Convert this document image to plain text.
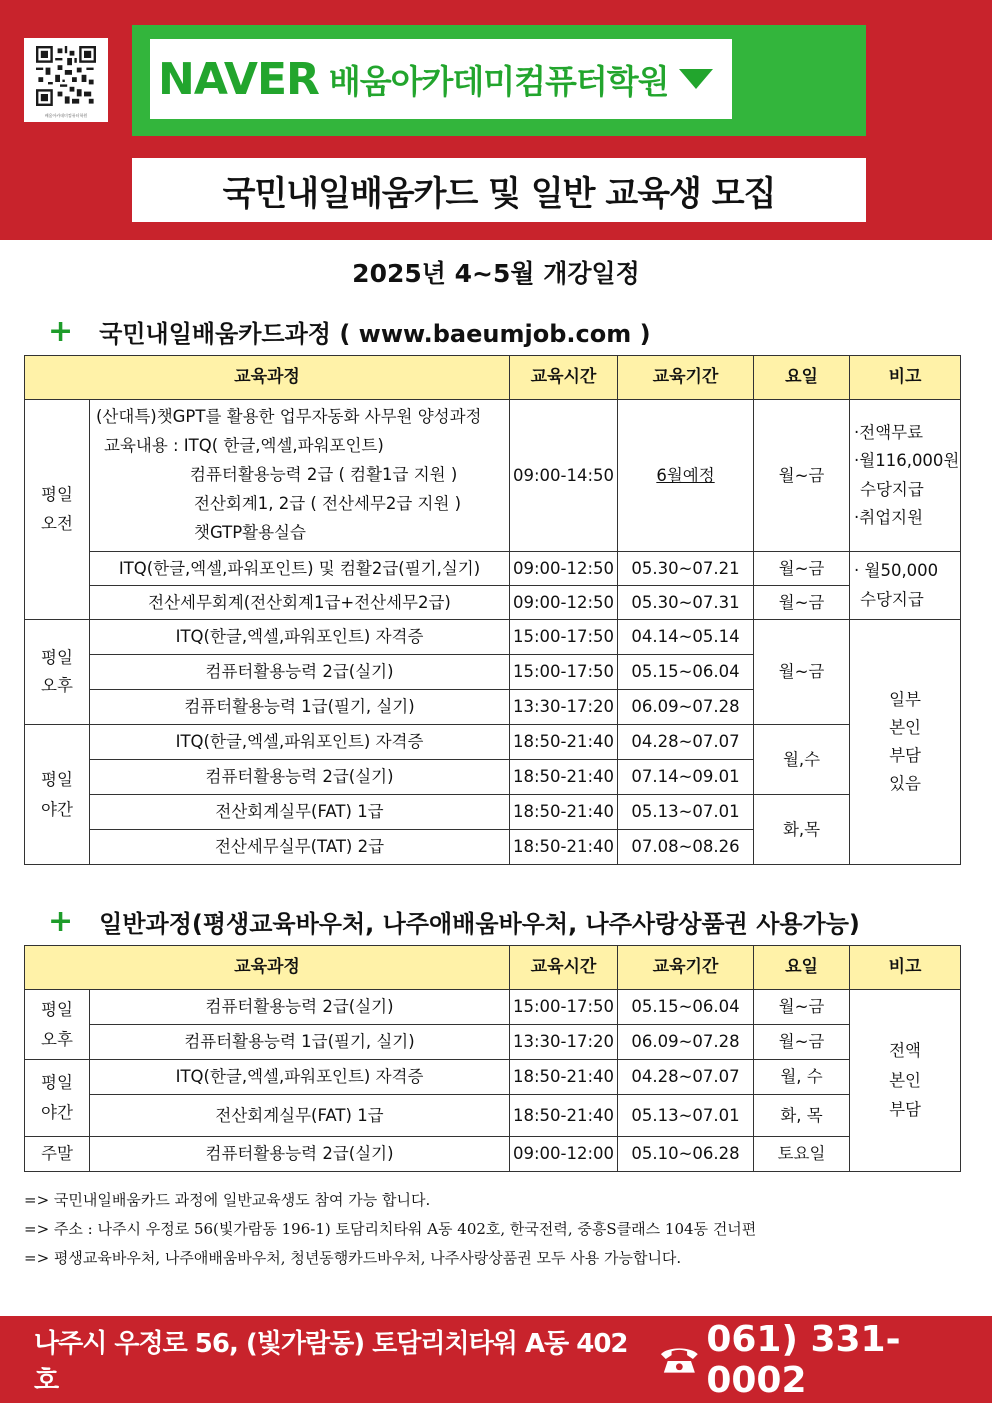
배움아카데미컴퓨터학원
NAVER 배움아카데미컴퓨터학원
국민내일배움카드 및 일반 교육생 모집
2025년 4~5월 개강일정
+ 국민내일배움카드과정 ( www.baeumjob.com )
교육과정		교육시간	교육기간	요일	비고
평일
오전	(산대특)챗GPT를 활용한 업무자동화 사무원 양성과정
교육내용 : ITQ( 한글,엑셀,파워포인트)
컴퓨터활용능력 2급 ( 컴활1급 지원 )
전산회계1, 2급 ( 전산세무2급 지원 )
챗GTP활용실습	09:00-14:50	6월예정	월~금	·전액무료
·월116,000원
수당지급
·취업지원

	ITQ(한글,엑셀,파워포인트) 및 컴활2급(필기,실기)	09:00-12:50	05.30~07.21	월~금	· 월50,000
수당지급

	전산세무회계(전산회계1급+전산세무2급)	09:00-12:50	05.30~07.31	월~금	
평일
오후	ITQ(한글,엑셀,파워포인트) 자격증	15:00-17:50	04.14~05.14	월~금	일부
본인
부담
있음
	컴퓨터활용능력 2급(실기)	15:00-17:50	05.15~06.04		
	컴퓨터활용능력 1급(필기, 실기)	13:30-17:20	06.09~07.28		
평일
야간	ITQ(한글,엑셀,파워포인트) 자격증	18:50-21:40	04.28~07.07	월,수	
	컴퓨터활용능력 2급(실기)	18:50-21:40	07.14~09.01		
	전산회계실무(FAT) 1급	18:50-21:40	05.13~07.01	화,목	
	전산세무실무(TAT) 2급	18:50-21:40	07.08~08.26		
+ 일반과정(평생교육바우처, 나주애배움바우처, 나주사랑상품권 사용가능)
교육과정		교육시간	교육기간	요일	비고
평일
오후	컴퓨터활용능력 2급(실기)	15:00-17:50	05.15~06.04	월~금	전액
본인
부담
	컴퓨터활용능력 1급(필기, 실기)	13:30-17:20	06.09~07.28	월~금	
평일
야간	ITQ(한글,엑셀,파워포인트) 자격증	18:50-21:40	04.28~07.07	월, 수	
	전산회계실무(FAT) 1급	18:50-21:40	05.13~07.01	화, 목	
주말	컴퓨터활용능력 2급(실기)	09:00-12:00	05.10~06.28	토요일	
=> 국민내일배움카드 과정에 일반교육생도 참여 가능 합니다.
=> 주소 : 나주시 우정로 56(빛가람동 196-1) 토담리치타워 A동 402호, 한국전력, 중흥S클래스 104동 건너편
=> 평생교육바우처, 나주애배움바우처, 청년동행카드바우처, 나주사랑상품권 모두 사용 가능합니다.
나주시 우정로 56, (빛가람동) 토담리치타워 A동 402호
061) 331-0002
